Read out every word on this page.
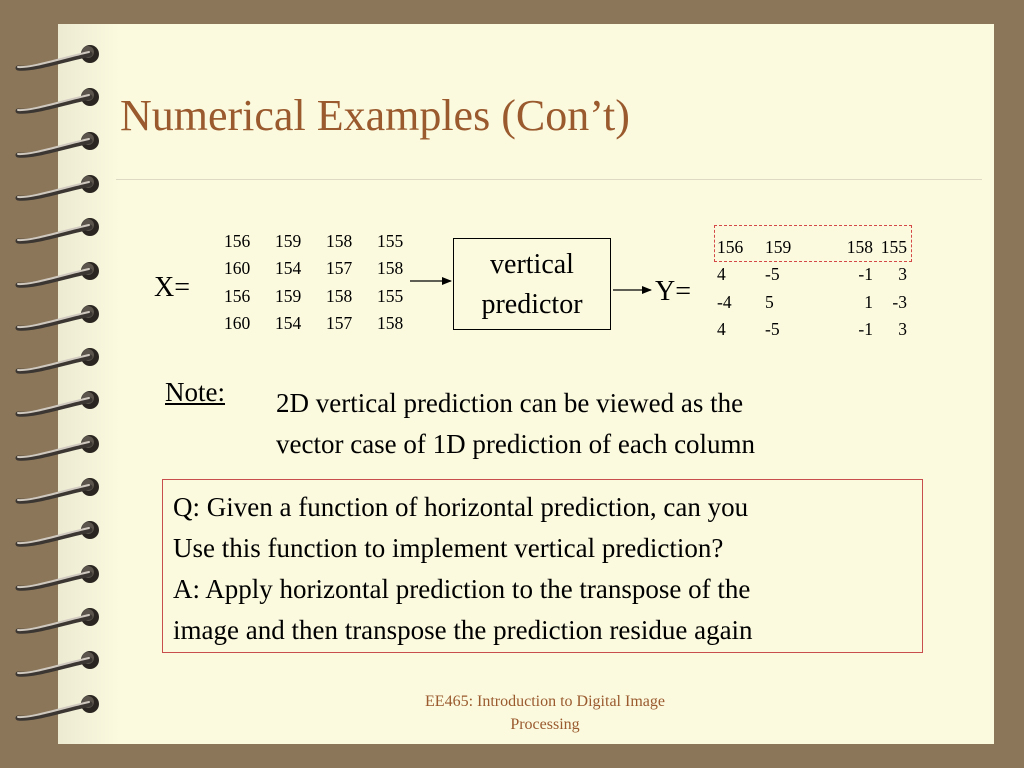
Numerical Examples (Con’t)
X=
156	159	158	155
160	154	157	158
156	159	158	155
160	154	157	158
vertical
predictor	Y=
156	159	158	155
4	-5	-1	3
-4	5	1	-3
4	-5	-1	3
Note: 2D vertical prediction can be viewed as the
vector case of 1D prediction of each column
Q: Given a function of horizontal prediction, can you
Use this function to implement vertical prediction?
A: Apply horizontal prediction to the transpose of the
image and then transpose the prediction residue again
EE465: Introduction to Digital Image
Processing
